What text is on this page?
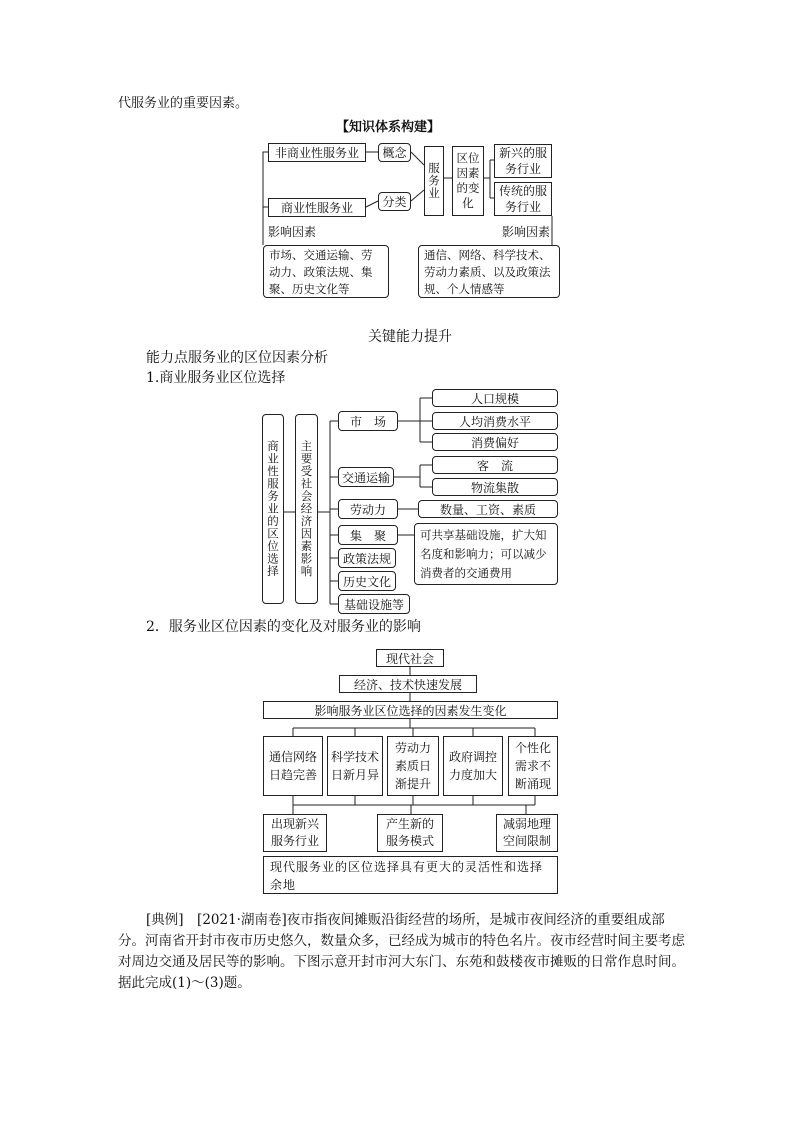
代服务业的重要因素。
【知识体系构建】
非商业性服务业
商业性服务业
概念
分类
服务业
区位因素的变化
新兴的服务行业
传统的服务行业
影响因素	影响因素
市场、交通运输、劳动力、政策法规、集聚、历史文化等
通信、网络、科学技术、劳动力素质、以及政策法规、个人情感等
关键能力提升
能力点服务业的区位因素分析
1.商业服务业区位选择
商业性服务业的区位选择 主要受社会经济因素影响
市　场
人口规模
人均消费水平
消费偏好
交通运输
客　流
物流集散
劳动力	数量、工资、素质
集　聚	可共享基础设施，扩大知名度和影响力；可以减少消费者的交通费用
政策法规
历史文化
基础设施等
2．服务业区位因素的变化及对服务业的影响
现代社会
经济、技术快速发展
影响服务业区位选择的因素发生变化
通信网络日趋完善
科学技术日新月异
劳动力素质日渐提升
政府调控力度加大
个性化需求不断涌现
出现新兴服务行业
产生新的服务模式
减弱地理空间限制
现代服务业的区位选择具有更大的灵活性和选择余地
[典例]　 [2021·湖南卷]夜市指夜间摊贩沿街经营的场所，是城市夜间经济的重要组成部分。河南省开封市夜市历史悠久，数量众多，已经成为城市的特色名片。夜市经营时间主要考虑对周边交通及居民等的影响。下图示意开封市河大东门、东苑和鼓楼夜市摊贩的日常作息时间。据此完成(1)～(3)题。
